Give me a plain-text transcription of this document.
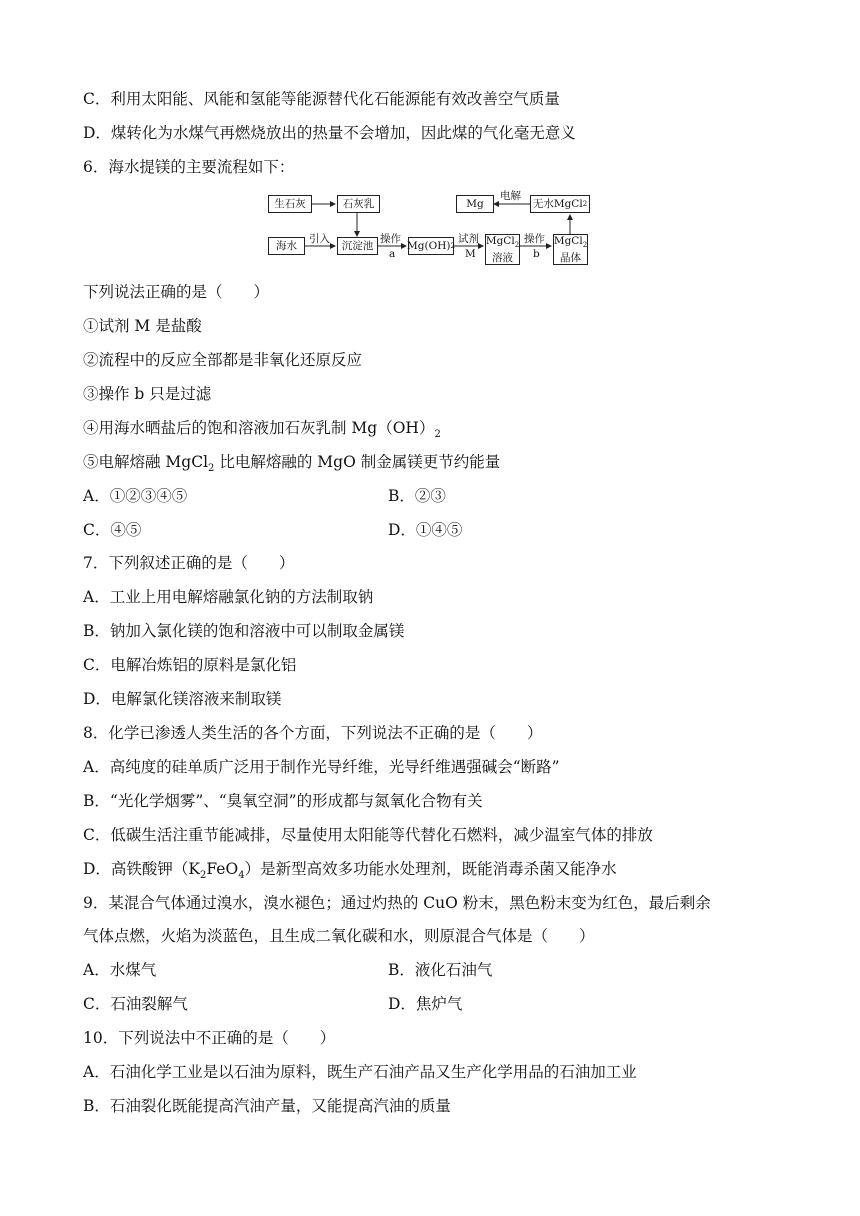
C．利用太阳能、风能和氢能等能源替代化石能源能有效改善空气质量
D．煤转化为水煤气再燃烧放出的热量不会增加，因此煤的气化毫无意义
6．海水提镁的主要流程如下：
生石灰	石灰乳
海水	沉淀池	Mg(OH) 2	MgCl$_2$
溶液
MgCl$_2$
晶体
Mg	无水MgCl 2
引入	操作
a
试剂
M
操作
b
电解
下列说法正确的是（　　）
①试剂 M 是盐酸
②流程中的反应全部都是非氧化还原反应
③操作 b 只是过滤
④用海水晒盐后的饱和溶液加石灰乳制 $Mg(OH)_2$
⑤电解熔融 MgCl$_2$ 比电解熔融的 MgO 制金属镁更节约能量
A．①②③④⑤	B．②③
C．④⑤	D．①④⑤
7．下列叙述正确的是（　　）
A．工业上用电解熔融氯化钠的方法制取钠
B．钠加入氯化镁的饱和溶液中可以制取金属镁
C．电解冶炼铝的原料是氯化铝
D．电解氯化镁溶液来制取镁
8．化学已渗透人类生活的各个方面，下列说法不正确的是（　　）
A．高纯度的硅单质广泛用于制作光导纤维，光导纤维遇强碱会“断路”
B．“光化学烟雾”、“臭氧空洞”的形成都与氮氧化合物有关
C．低碳生活注重节能减排，尽量使用太阳能等代替化石燃料，减少温室气体的排放
D．高铁酸钾$(K_2FeO_4)$是新型高效多功能水处理剂，既能消毒杀菌又能净水
9．某混合气体通过溴水，溴水褪色；通过灼热的 CuO 粉末，黑色粉末变为红色，最后剩余
气体点燃，火焰为淡蓝色，且生成二氧化碳和水，则原混合气体是（　　）
A．水煤气	B．液化石油气
C．石油裂解气	D．焦炉气
10．下列说法中不正确的是（　　）
A．石油化学工业是以石油为原料，既生产石油产品又生产化学用品的石油加工业
B．石油裂化既能提高汽油产量，又能提高汽油的质量
